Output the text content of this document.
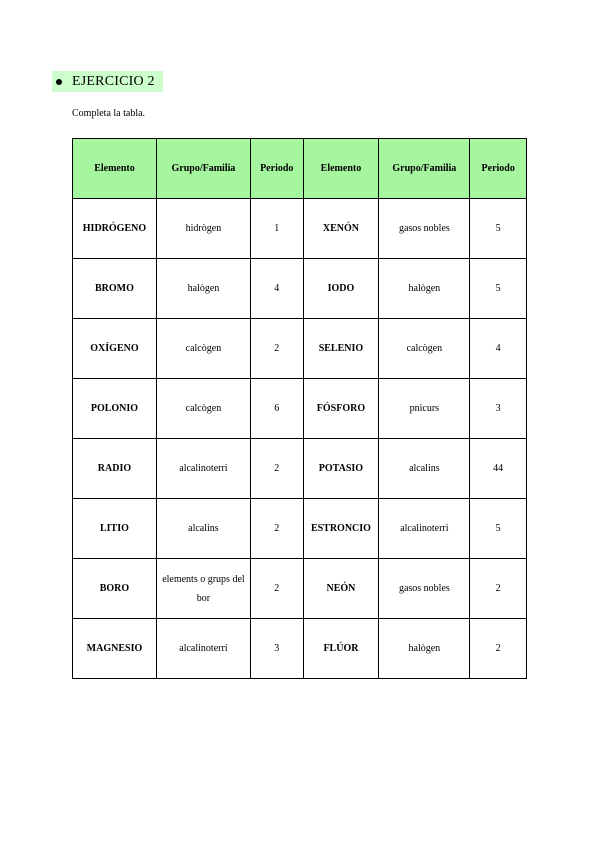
EJERCICIO 2
Completa la tabla.
Elemento	Grupo/Familia	Periodo	Elemento	Grupo/Familia	Periodo
HIDRÓGENO	hidrògen	1	XENÓN	gasos nobles	5
BROMO	halògen	4	IODO	halògen	5
OXÍGENO	calcògen	2	SELENIO	calcògen	4
POLONIO	calcògen	6	FÓSFORO	pnicurs	3
RADIO	alcalinoterri	2	POTASIO	alcalins	44
LITIO	alcalins	2	ESTRONCIO	alcalinoterri	5
BORO	elements o grups del bor	2	NEÓN	gasos nobles	2
MAGNESIO	alcalinoterri	3	FLÚOR	halògen	2
